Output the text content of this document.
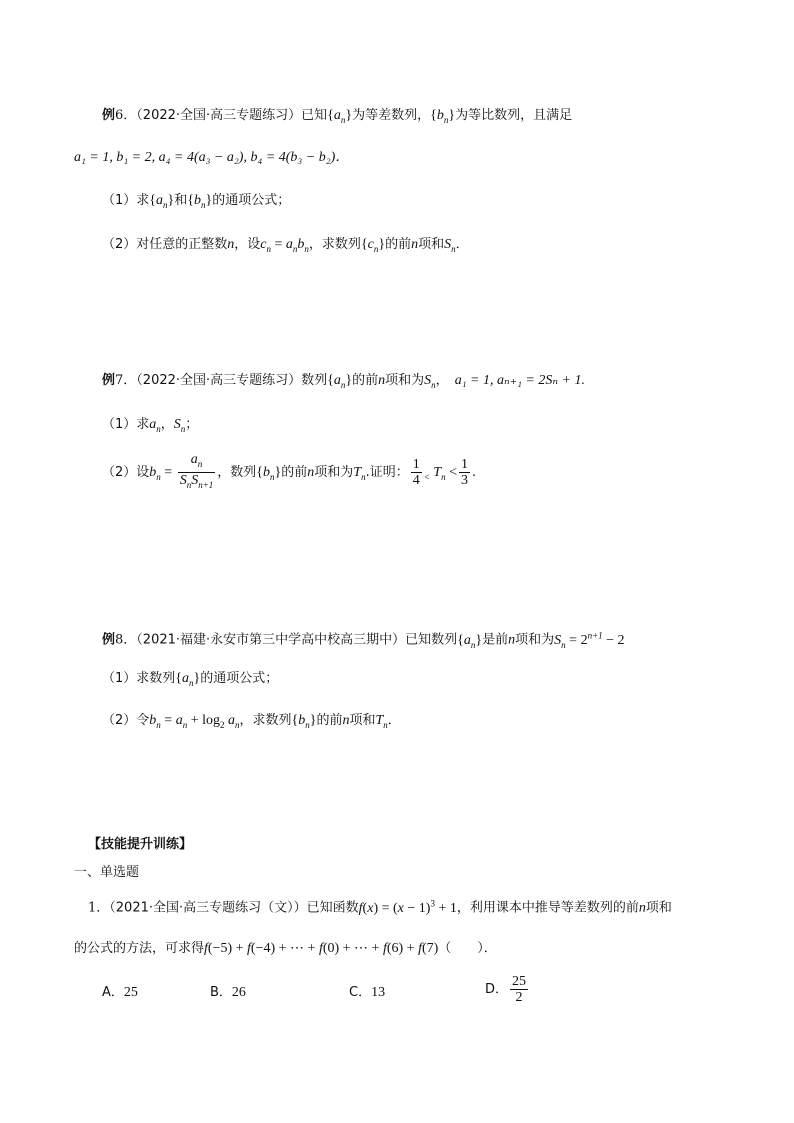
例6．（2022·全国·高三专题练习）已知$\{a_n\}$为等差数列，$\{b_n\}$为等比数列，且满足
a₁ = 1, b₁ = 2, a₄ = 4(a₃ − a₂), b₄ = 4(b₃ − b₂)．
（1）求$\{a_n\}$和$\{b_n\}$的通项公式；
（2）对任意的正整数n，设$c_n = a_nb_n$，求数列$\{c_n\}$的前n项和$S_n$．
例7．（2022·全国·高三专题练习）数列$\{a_n\}$的前n项和为$S_n$， a₁ = 1, aₙ₊₁ = 2Sₙ + 1.
（1）求$a_n$，$S_n$；
（2）设$b_n = \frac{a_n}{S_nS_{n+1}}$ ，数列$\{b_n\}$的前n项和为$T_n$.证明： $\frac{1}{4} _<$ $T_n < \frac{1}{3}$ .
例8．（2021·福建·永安市第三中学高中校高三期中）已知数列$\{a_n\}$是前n项和为$S_n = 2^{n+1} - 2$
（1）求数列$\{a_n\}$的通项公式；
（2）令$b_n = a_n + \log_2 a_n$，求数列$\{b_n\}$的前n项和$T_n$．
【技能提升训练】
一、单选题
1．（2021·全国·高三专题练习（文））已知函数$f(x) = (x - 1)^3 + 1$，利用课本中推导等差数列的前n项和
的公式的方法，可求得f(−5) + f(−4) + ⋯ + f(0) + ⋯ + f(6) + f(7)（　　）．
A．25	B．26	C．13	D． $\frac{25}{2}$
